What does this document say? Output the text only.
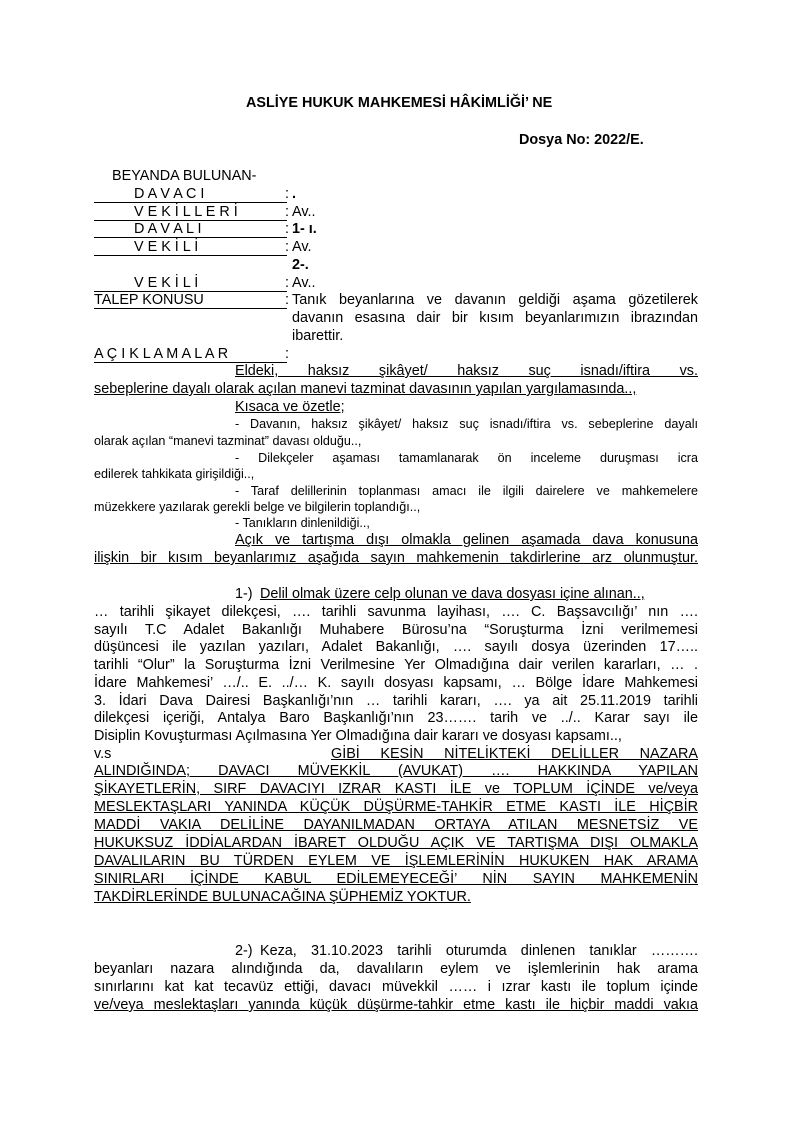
ASLİYE HUKUK MAHKEMESİ HÂKİMLİĞİ’ NE
Dosya No: 2022/E.
BEYANDA BULUNAN-
D A V A C I	: .
V E K İ L L E R İ	: Av..
D A V A L I	: 1- ı.
V E K İ L İ	: Av.
2-.
V E K İ L İ	: Av..
TALEP KONUSU	: Tanık beyanlarına ve davanın geldiği aşama gözetilerek
davanın esasına dair bir kısım beyanlarımızın ibrazından
ibarettir.
A Ç I K L A M A L A R	:
Eldeki, haksız şikâyet/ haksız suç isnadı/iftira vs.
sebeplerine dayalı olarak açılan manevi tazminat davasının yapılan yargılamasında..,
Kısaca ve özetle;
- Davanın, haksız şikâyet/ haksız suç isnadı/iftira vs. sebeplerine dayalı
olarak açılan “manevi tazminat” davası olduğu..,
- Dilekçeler aşaması tamamlanarak ön inceleme duruşması icra
edilerek tahkikata girişildiği..,
- Taraf delillerinin toplanması amacı ile ilgili dairelere ve mahkemelere
müzekkere yazılarak gerekli belge ve bilgilerin toplandığı..,
- Tanıkların dinlenildiği..,
Açık ve tartışma dışı olmakla gelinen aşamada dava konusuna
ilişkin bir kısım beyanlarımız aşağıda sayın mahkemenin takdirlerine arz olunmuştur.
1-) Delil olmak üzere celp olunan ve dava dosyası içine alınan..,
… tarihli şikayet dilekçesi, …. tarihli savunma layihası, …. C. Başsavcılığı’ nın ….
sayılı T.C Adalet Bakanlığı Muhabere Bürosu’na “Soruşturma İzni verilmemesi
düşüncesi ile yazılan yazıları, Adalet Bakanlığı, …. sayılı dosya üzerinden 17…..
tarihli “Olur” la Soruşturma İzni Verilmesine Yer Olmadığına dair verilen kararları, … .
İdare Mahkemesi’ …/.. E. ../… K. sayılı dosyası kapsamı, … Bölge İdare Mahkemesi
3. İdari Dava Dairesi Başkanlığı’nın … tarihli kararı, …. ya ait 25.11.2019 tarihli
dilekçesi içeriği, Antalya Baro Başkanlığı’nın 23……. tarih ve ../.. Karar sayı ile
Disiplin Kovuşturması Açılmasına Yer Olmadığına dair kararı ve dosyası kapsamı..,
v.s	GİBİ KESİN NİTELİKTEKİ DELİLLER NAZARA
ALINDIĞINDA; DAVACI MÜVEKKİL (AVUKAT) …. HAKKINDA YAPILAN
ŞİKAYETLERİN, SIRF DAVACIYI IZRAR KASTI İLE ve TOPLUM İÇİNDE ve/veya
MESLEKTAŞLARI YANINDA KÜÇÜK DÜŞÜRME-TAHKİR ETME KASTI İLE HİÇBİR
MADDİ VAKIA DELİLİNE DAYANILMADAN ORTAYA ATILAN MESNETSİZ VE
HUKUKSUZ İDDİALARDAN İBARET OLDUĞU AÇIK VE TARTIŞMA DIŞI OLMAKLA
DAVALILARIN BU TÜRDEN EYLEM VE İŞLEMLERİNİN HUKUKEN HAK ARAMA
SINIRLARI İÇİNDE KABUL EDİLEMEYECEĞİ’ NİN SAYIN MAHKEMENİN
TAKDİRLERİNDE BULUNACAĞINA ŞÜPHEMİZ YOKTUR.
2-) Keza, 31.10.2023 tarihli oturumda dinlenen tanıklar ……….
beyanları nazara alındığında da, davalıların eylem ve işlemlerinin hak arama
sınırlarını kat kat tecavüz ettiği, davacı müvekkil …… i ızrar kastı ile toplum içinde
ve/veya meslektaşları yanında küçük düşürme-tahkir etme kastı ile hiçbir maddi vakıa
